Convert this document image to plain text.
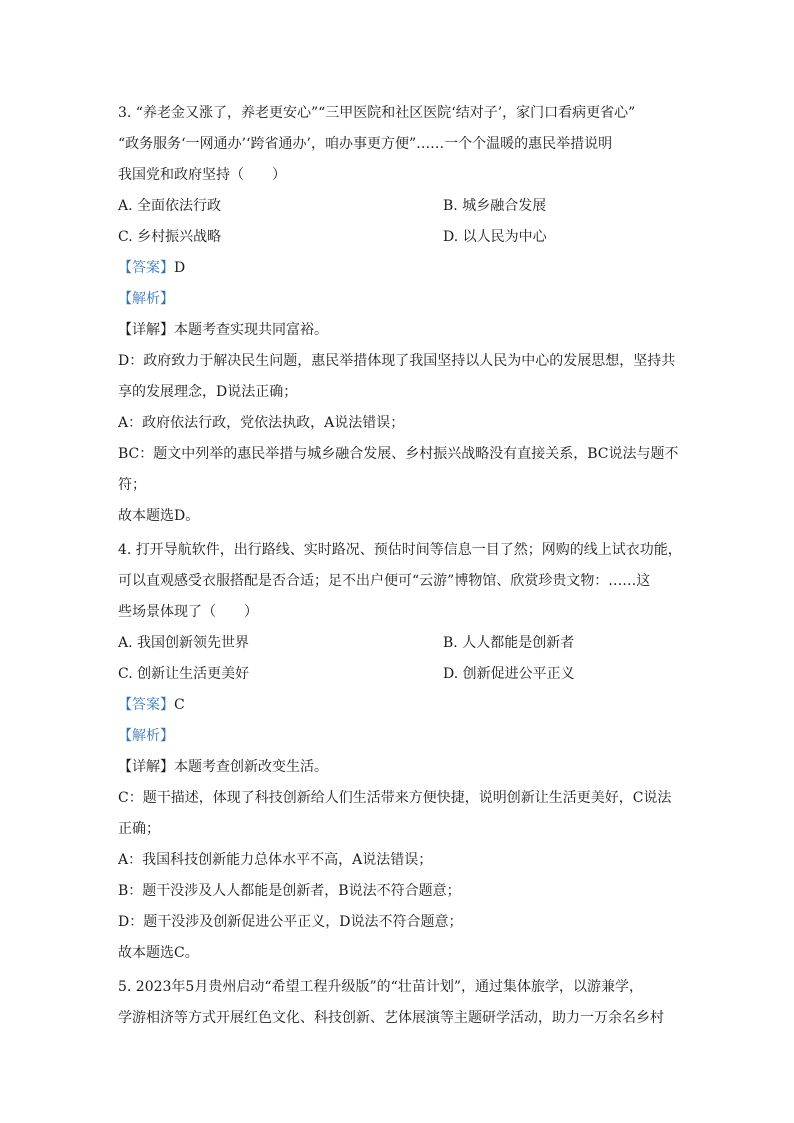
3. “养老金又涨了，养老更安心”“三甲医院和社区医院‘结对子’，家门口看病更省心”
“政务服务‘一网通办’‘跨省通办’，咱办事更方便”……一个个温暖的惠民举措说明
我国党和政府坚持（　　）
A. 全面依法行政	B. 城乡融合发展
C. 乡村振兴战略	D. 以人民为中心
【答案】D
【解析】
【详解】本题考查实现共同富裕。
D：政府致力于解决民生问题，惠民举措体现了我国坚持以人民为中心的发展思想，坚持共
享的发展理念，D说法正确；
A：政府依法行政，党依法执政，A说法错误；
BC：题文中列举的惠民举措与城乡融合发展、乡村振兴战略没有直接关系，BC说法与题不
符；
故本题选D。
4. 打开导航软件，出行路线、实时路况、预估时间等信息一目了然；网购的线上试衣功能，
可以直观感受衣服搭配是否合适；足不出户便可“云游”博物馆、欣赏珍贵文物：……这
些场景体现了（　　）
A. 我国创新领先世界	B. 人人都能是创新者
C. 创新让生活更美好	D. 创新促进公平正义
【答案】C
【解析】
【详解】本题考查创新改变生活。
C：题干描述，体现了科技创新给人们生活带来方便快捷，说明创新让生活更美好，C说法
正确；
A：我国科技创新能力总体水平不高，A说法错误；
B：题干没涉及人人都能是创新者，B说法不符合题意；
D：题干没涉及创新促进公平正义，D说法不符合题意；
故本题选C。
5. 2023年5月贵州启动“希望工程升级版”的“壮苗计划”，通过集体旅学，以游兼学，
学游相济等方式开展红色文化、科技创新、艺体展演等主题研学活动，助力一万余名乡村
